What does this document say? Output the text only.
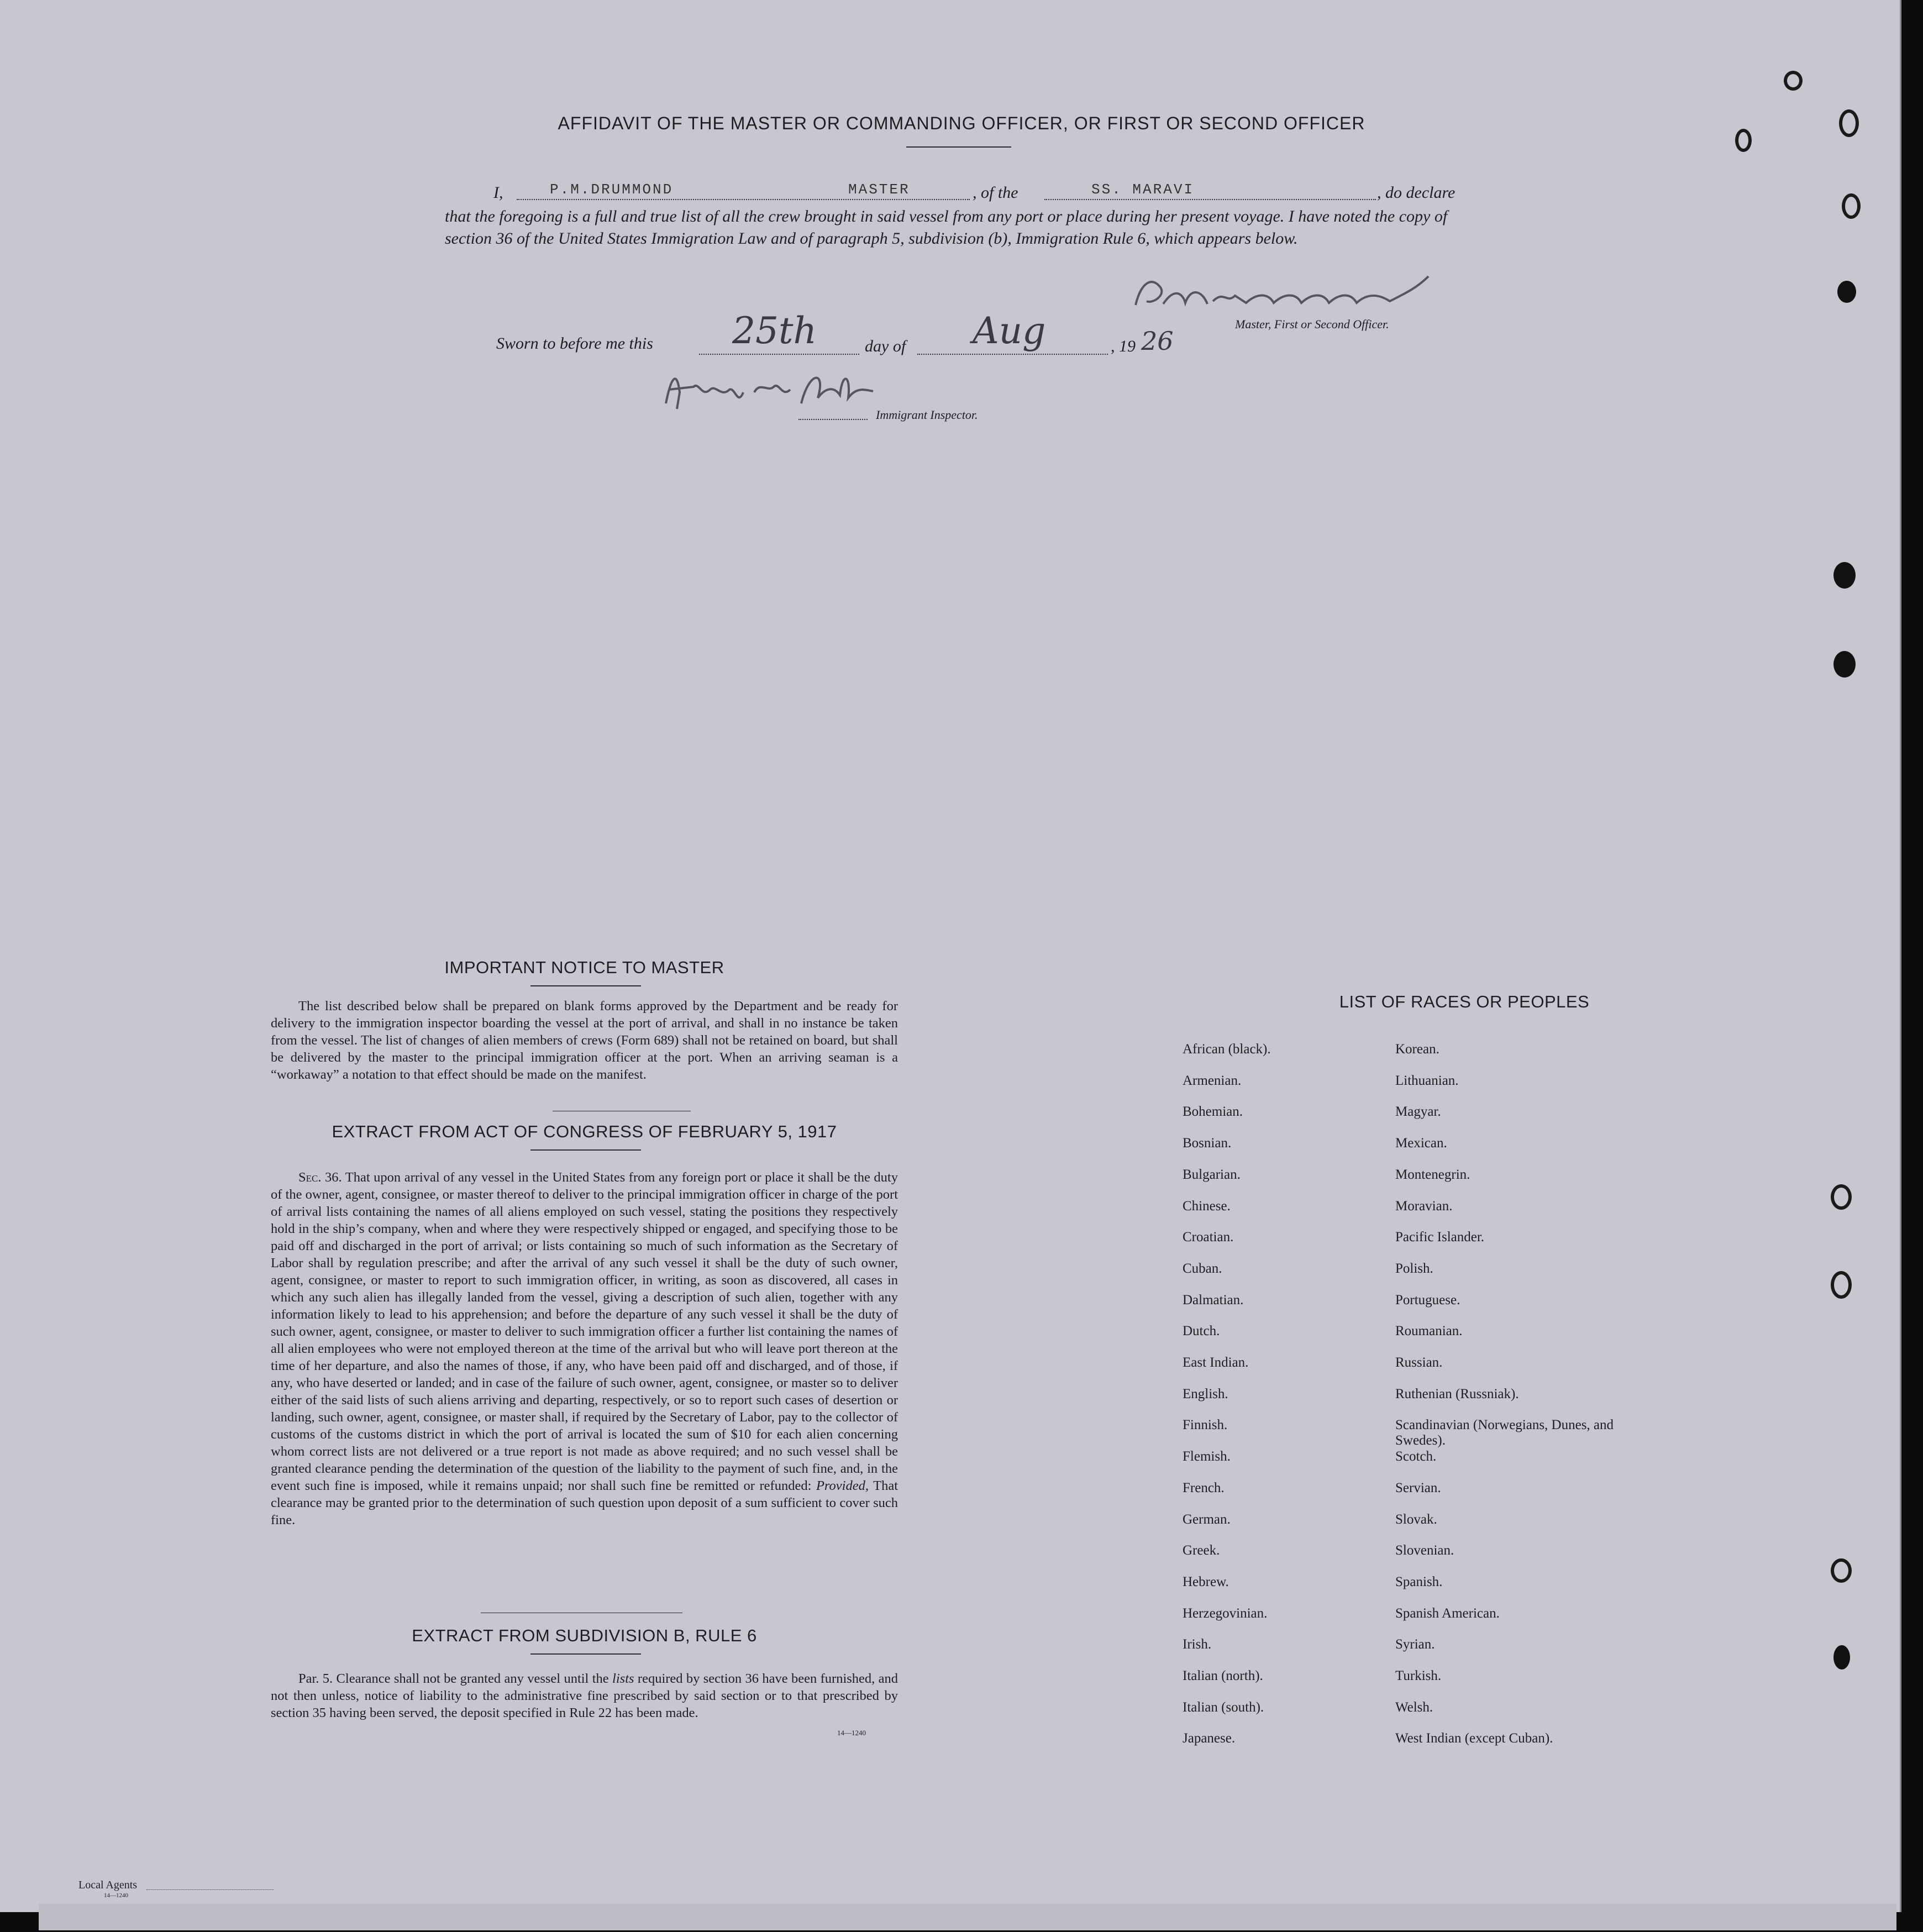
AFFIDAVIT OF THE MASTER OR COMMANDING OFFICER, OR FIRST OR SECOND OFFICER
I,	P.M.DRUMMOND	MASTER	, of the	SS. MARAVI	, do declare
that the foregoing is a full and true list of all the crew brought in said vessel from any port or place during her present voyage. I have noted the copy of section 36 of the United States Immigration Law and of paragraph 5, subdivision (b), Immigration Rule 6, which appears below.
Master, First or Second Officer.
Sworn to before me this 25th	day of Aug	, 19 26
Immigrant Inspector.
IMPORTANT NOTICE TO MASTER
The list described below shall be prepared on blank forms approved by the Department and be ready for delivery to the immigration inspector boarding the vessel at the port of arrival, and shall in no instance be taken from the vessel. The list of changes of alien members of crews (Form 689) shall not be retained on board, but shall be delivered by the master to the principal immigration officer at the port. When an arriving seaman is a “workaway” a notation to that effect should be made on the manifest.
EXTRACT FROM ACT OF CONGRESS OF FEBRUARY 5, 1917
Sec. 36. That upon arrival of any vessel in the United States from any foreign port or place it shall be the duty of the owner, agent, consignee, or master thereof to deliver to the principal immigration officer in charge of the port of arrival lists containing the names of all aliens employed on such vessel, stating the positions they respectively hold in the ship’s company, when and where they were respectively shipped or engaged, and specifying those to be paid off and discharged in the port of arrival; or lists containing so much of such information as the Secretary of Labor shall by regulation prescribe; and after the arrival of any such vessel it shall be the duty of such owner, agent, consignee, or master to report to such immigration officer, in writing, as soon as discovered, all cases in which any such alien has illegally landed from the vessel, giving a description of such alien, together with any information likely to lead to his apprehension; and before the departure of any such vessel it shall be the duty of such owner, agent, consignee, or master to deliver to such immigration officer a further list containing the names of all alien employees who were not employed thereon at the time of the arrival but who will leave port thereon at the time of her departure, and also the names of those, if any, who have been paid off and discharged, and of those, if any, who have deserted or landed; and in case of the failure of such owner, agent, consignee, or master so to deliver either of the said lists of such aliens arriving and departing, respectively, or so to report such cases of desertion or landing, such owner, agent, consignee, or master shall, if required by the Secretary of Labor, pay to the collector of customs of the customs district in which the port of arrival is located the sum of $10 for each alien concerning whom correct lists are not delivered or a true report is not made as above required; and no such vessel shall be granted clearance pending the determination of the question of the liability to the payment of such fine, and, in the event such fine is imposed, while it remains unpaid; nor shall such fine be remitted or refunded: Provided, That clearance may be granted prior to the determination of such question upon deposit of a sum sufficient to cover such fine.
EXTRACT FROM SUBDIVISION B, RULE 6
Par. 5. Clearance shall not be granted any vessel until the lists required by section 36 have been furnished, and not then unless, notice of liability to the administrative fine prescribed by said section or to that prescribed by section 35 having been served, the deposit specified in Rule 22 has been made.
14—1240
LIST OF RACES OR PEOPLES
Local Agents
14—1240
African (black).
Armenian.
Bohemian.
Bosnian.
Bulgarian.
Chinese.
Croatian.
Cuban.
Dalmatian.
Dutch.
East Indian.
English.
Finnish.
Flemish.
French.
German.
Greek.
Hebrew.
Herzegovinian.
Irish.
Italian (north).
Italian (south).
Japanese.
Korean.
Lithuanian.
Magyar.
Mexican.
Montenegrin.
Moravian.
Pacific Islander.
Polish.
Portuguese.
Roumanian.
Russian.
Ruthenian (Russniak).
Scandinavian (Norwegians, Dunes, and Swedes).
Scotch.
Servian.
Slovak.
Slovenian.
Spanish.
Spanish American.
Syrian.
Turkish.
Welsh.
West Indian (except Cuban).
